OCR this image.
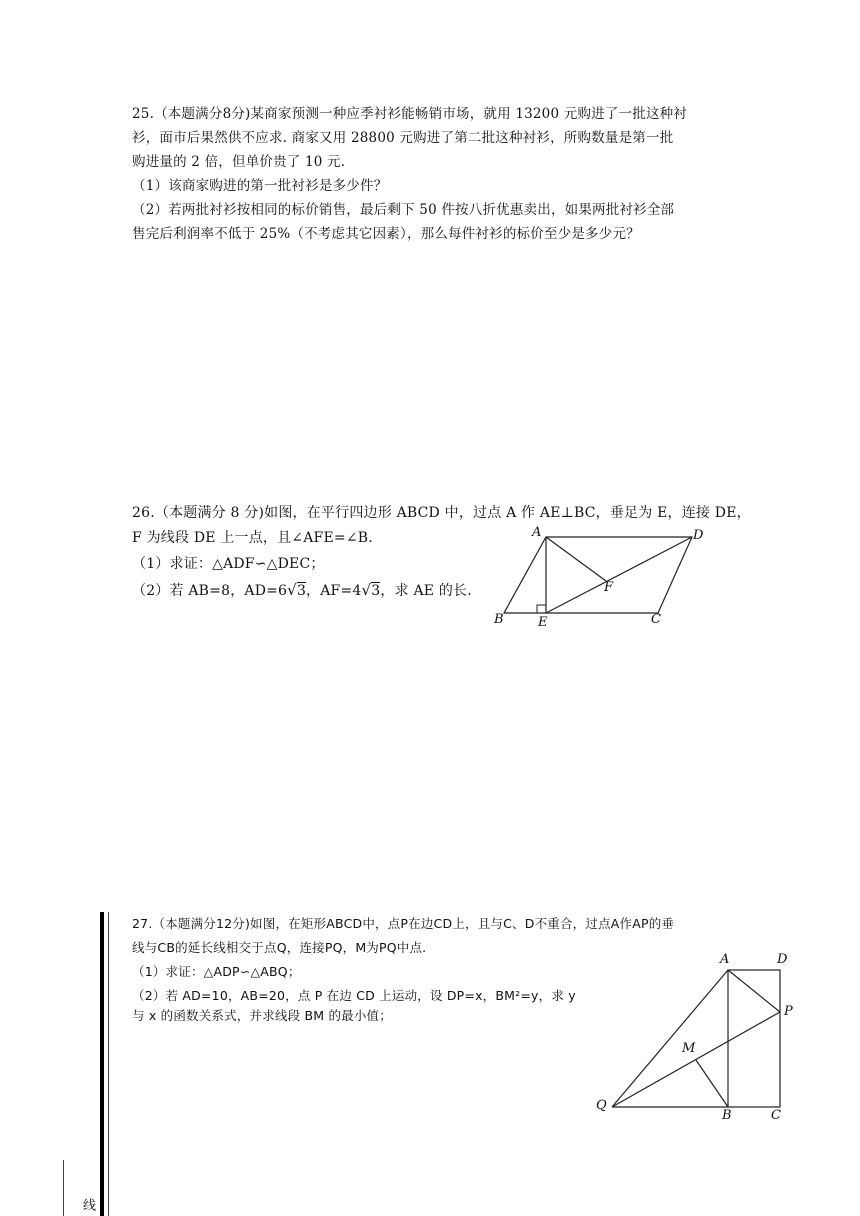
25.（本题满分8分)某商家预测一种应季衬衫能畅销市场，就用 13200 元购进了一批这种衬
衫，面市后果然供不应求. 商家又用 28800 元购进了第二批这种衬衫，所购数量是第一批
购进量的 2 倍，但单价贵了 10 元.
（1）该商家购进的第一批衬衫是多少件？
（2）若两批衬衫按相同的标价销售，最后剩下 50 件按八折优惠卖出，如果两批衬衫全部
售完后利润率不低于 25%（不考虑其它因素），那么每件衬衫的标价至少是多少元？
26.（本题满分 8 分)如图，在平行四边形 ABCD 中，过点 A 作 AE⊥BC，垂足为 E，连接 DE，
F 为线段 DE 上一点，且∠AFE=∠B.
（1）求证：△ADF∽△DEC；
（2）若 AB=8，AD=6√3，AF=4√3，求 AE 的长.
A	D
F
B	E	C
27.（本题满分12分)如图，在矩形ABCD中，点P在边CD上，且与C、D不重合，过点A作AP的垂
线与CB的延长线相交于点Q，连接PQ，M为PQ中点.
（1）求证：△ADP∽△ABQ；
（2）若 AD=10，AB=20，点 P 在边 CD 上运动，设 DP=x，BM²=y，求 y
与 x 的函数关系式，并求线段 BM 的最小值；
A	D
P
M
Q
B	C
线
